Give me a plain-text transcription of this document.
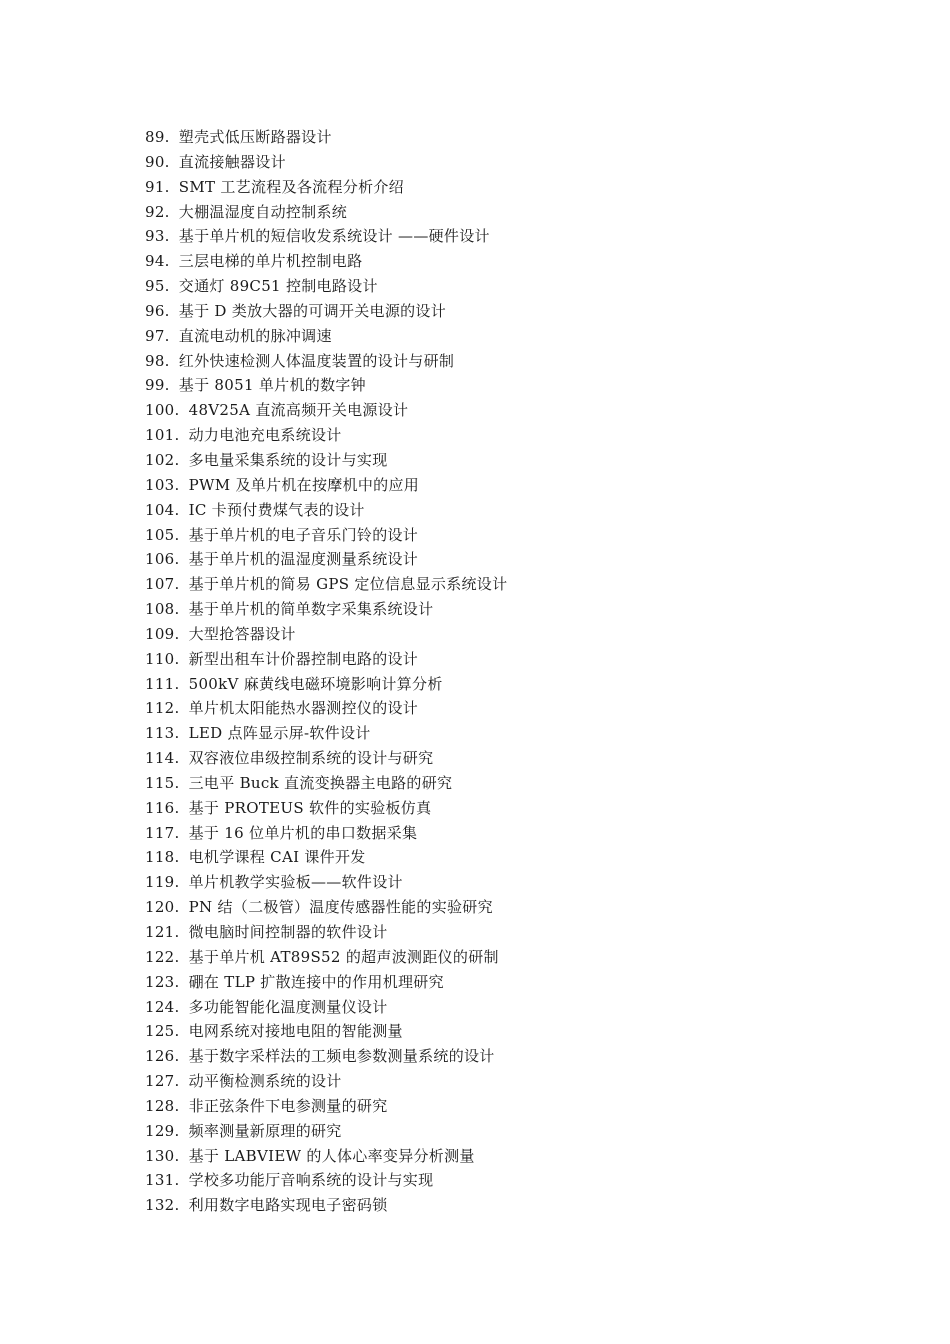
89. 塑壳式低压断路器设计
90. 直流接触器设计
91. SMT 工艺流程及各流程分析介绍
92. 大棚温湿度自动控制系统
93. 基于单片机的短信收发系统设计 ——硬件设计
94. 三层电梯的单片机控制电路
95. 交通灯 89C51 控制电路设计
96. 基于 D 类放大器的可调开关电源的设计
97. 直流电动机的脉冲调速
98. 红外快速检测人体温度装置的设计与研制
99. 基于 8051 单片机的数字钟
100. 48V25A 直流高频开关电源设计
101. 动力电池充电系统设计
102. 多电量采集系统的设计与实现
103. PWM 及单片机在按摩机中的应用
104. IC 卡预付费煤气表的设计
105. 基于单片机的电子音乐门铃的设计
106. 基于单片机的温湿度测量系统设计
107. 基于单片机的简易 GPS 定位信息显示系统设计
108. 基于单片机的简单数字采集系统设计
109. 大型抢答器设计
110. 新型出租车计价器控制电路的设计
111. 500kV 麻黄线电磁环境影响计算分析
112. 单片机太阳能热水器测控仪的设计
113. LED 点阵显示屏-软件设计
114. 双容液位串级控制系统的设计与研究
115. 三电平 Buck 直流变换器主电路的研究
116. 基于 PROTEUS 软件的实验板仿真
117. 基于 16 位单片机的串口数据采集
118. 电机学课程 CAI 课件开发
119. 单片机教学实验板——软件设计
120. PN 结（二极管）温度传感器性能的实验研究
121. 微电脑时间控制器的软件设计
122. 基于单片机 AT89S52 的超声波测距仪的研制
123. 硼在 TLP 扩散连接中的作用机理研究
124. 多功能智能化温度测量仪设计
125. 电网系统对接地电阻的智能测量
126. 基于数字采样法的工频电参数测量系统的设计
127. 动平衡检测系统的设计
128. 非正弦条件下电参测量的研究
129. 频率测量新原理的研究
130. 基于 LABVIEW 的人体心率变异分析测量
131. 学校多功能厅音响系统的设计与实现
132. 利用数字电路实现电子密码锁
